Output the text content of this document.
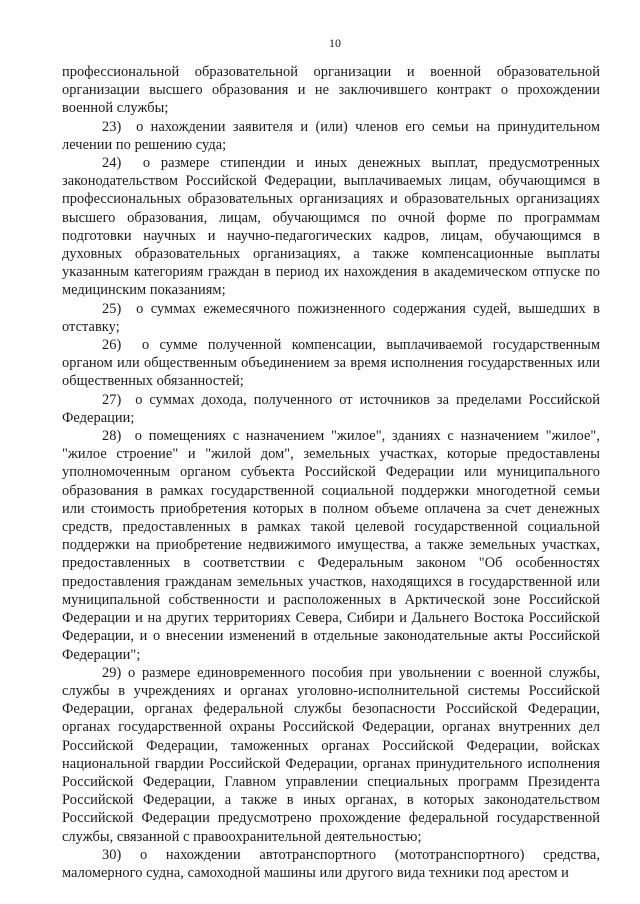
10

профессиональной образовательной организации и военной образовательной организации высшего образования и не заключившего контракт о прохождении военной службы;

23)  о нахождении заявителя и (или) членов его семьи на принудительном лечении по решению суда;

24)  о размере стипендии и иных денежных выплат, предусмотренных законодательством Российской Федерации, выплачиваемых лицам, обучающимся в профессиональных образовательных организациях и образовательных организациях высшего образования, лицам, обучающимся по очной форме по программам подготовки научных и научно-педагогических кадров, лицам, обучающимся в духовных образовательных организациях, а также компенсационные выплаты указанным категориям граждан в период их нахождения в академическом отпуске по медицинским показаниям;

25)  о суммах ежемесячного пожизненного содержания судей, вышедших в отставку;

26)  о сумме полученной компенсации, выплачиваемой государственным органом или общественным объединением за время исполнения государственных или общественных обязанностей;

27)  о суммах дохода, полученного от источников за пределами Российской Федерации;

28)  о помещениях с назначением "жилое", зданиях с назначением "жилое", "жилое строение" и "жилой дом", земельных участках, которые предоставлены уполномоченным органом субъекта Российской Федерации или муниципального образования в рамках государственной социальной поддержки многодетной семьи или стоимость приобретения которых в полном объеме оплачена за счет денежных средств, предоставленных в рамках такой целевой государственной социальной поддержки на приобретение недвижимого имущества, а также земельных участках, предоставленных в соответствии с Федеральным законом "Об особенностях предоставления гражданам земельных участков, находящихся в государственной или муниципальной собственности и расположенных в Арктической зоне Российской Федерации и на других территориях Севера, Сибири и Дальнего Востока Российской Федерации, и о внесении изменений в отдельные законодательные акты Российской Федерации";

29) о размере единовременного пособия при увольнении с военной службы, службы в учреждениях и органах уголовно-исполнительной системы Российской Федерации, органах федеральной службы безопасности Российской Федерации, органах государственной охраны Российской Федерации, органах внутренних дел Российской Федерации, таможенных органах Российской Федерации, войсках национальной гвардии Российской Федерации, органах принудительного исполнения Российской Федерации, Главном управлении специальных программ Президента Российской Федерации, а также в иных органах, в которых законодательством Российской Федерации предусмотрено прохождение федеральной государственной службы, связанной с правоохранительной деятельностью;

30) о нахождении автотранспортного (мототранспортного) средства, маломерного судна, самоходной машины или другого вида техники под арестом и
